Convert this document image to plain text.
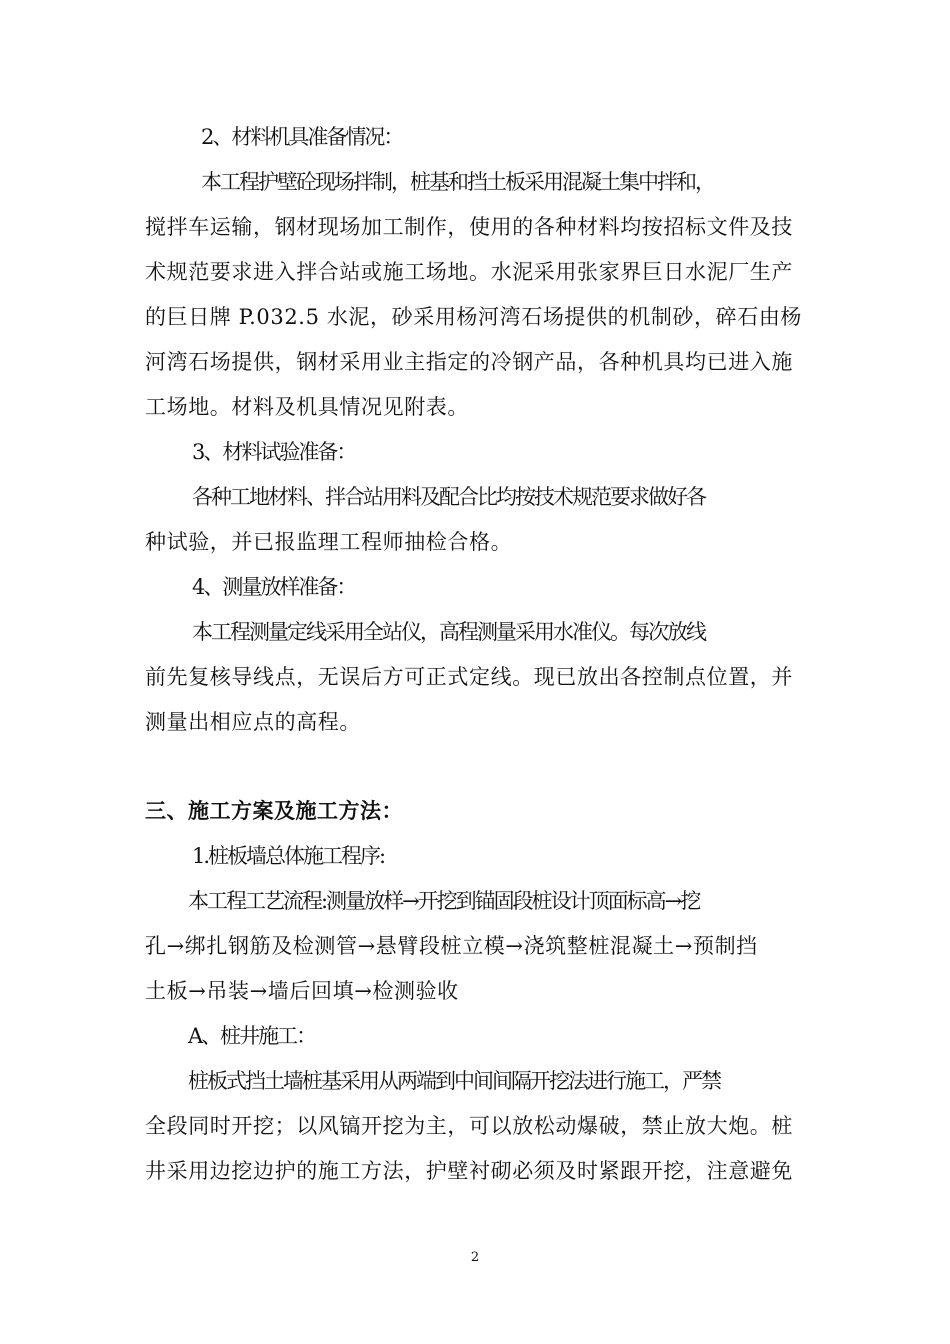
2、材料机具准备情况：
本工程护壁砼现场拌制，桩基和挡土板采用混凝土集中拌和，
搅拌车运输，钢材现场加工制作，使用的各种材料均按招标文件及技
术规范要求进入拌合站或施工场地。水泥采用张家界巨日水泥厂生产
的巨日牌 P.032.5 水泥，砂采用杨河湾石场提供的机制砂，碎石由杨
河湾石场提供，钢材采用业主指定的冷钢产品，各种机具均已进入施
工场地。材料及机具情况见附表。
3、材料试验准备：
各种工地材料、拌合站用料及配合比均按技术规范要求做好各
种试验，并已报监理工程师抽检合格。
4、测量放样准备：
本工程测量定线采用全站仪，高程测量采用水准仪。每次放线
前先复核导线点，无误后方可正式定线。现已放出各控制点位置，并
测量出相应点的高程。
三、施工方案及施工方法：
1.桩板墙总体施工程序:
本工程工艺流程:测量放样→开挖到锚固段桩设计顶面标高→挖
孔→绑扎钢筋及检测管→悬臂段桩立模→浇筑整桩混凝土→预制挡
土板→吊装→墙后回填→检测验收
A、桩井施工：
桩板式挡土墙桩基采用从两端到中间间隔开挖法进行施工，严禁
全段同时开挖；以风镐开挖为主，可以放松动爆破，禁止放大炮。桩
井采用边挖边护的施工方法，护壁衬砌必须及时紧跟开挖，注意避免
2
